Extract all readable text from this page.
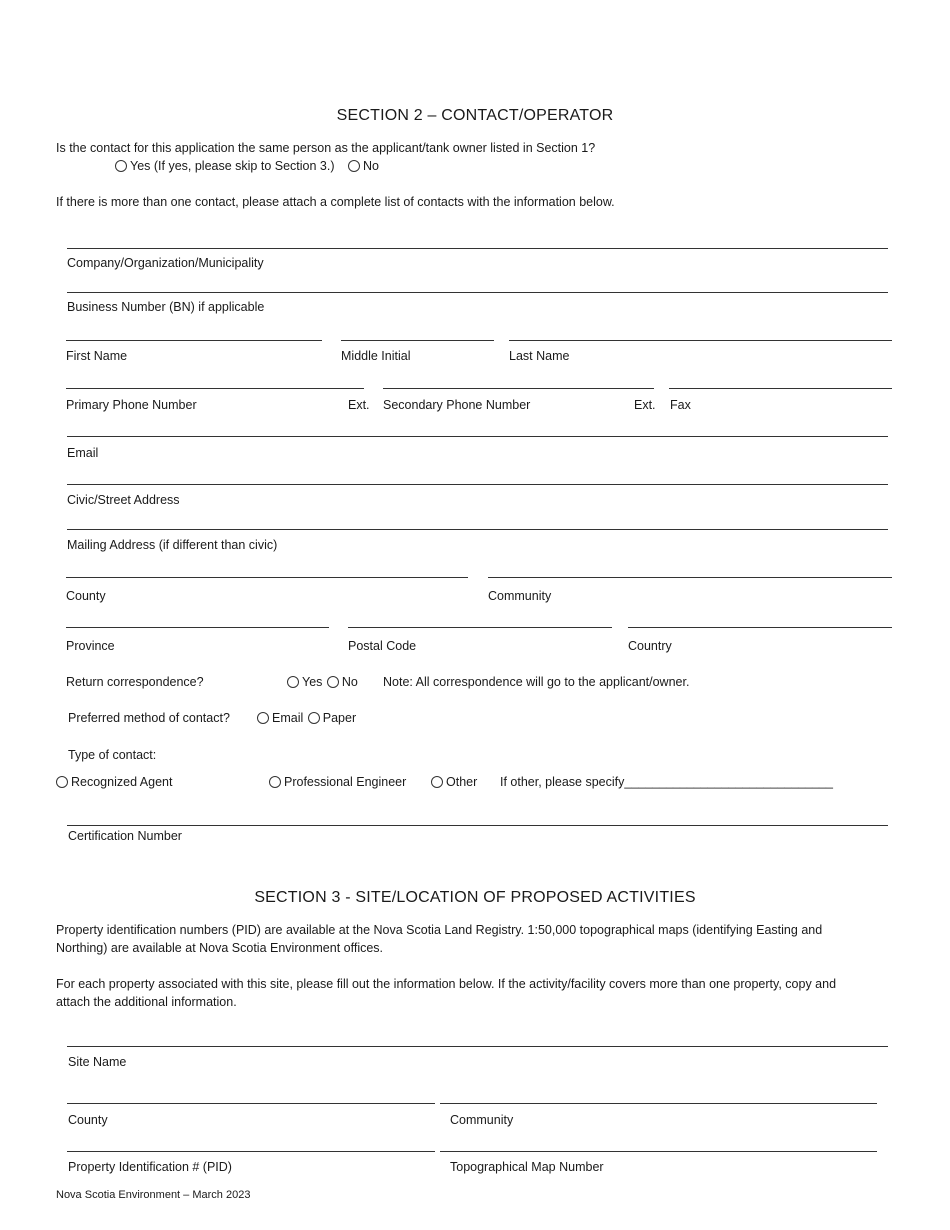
SECTION 2 – CONTACT/OPERATOR
Is the contact for this application the same person as the applicant/tank owner listed in Section 1?
Yes (If yes, please skip to Section 3.) No
If there is more than one contact, please attach a complete list of contacts with the information below.
Company/Organization/Municipality
Business Number (BN) if applicable
First Name	Middle Initial	Last Name
Primary Phone Number	Ext. Secondary Phone Number	Ext. Fax
Email
Civic/Street Address
Mailing Address (if different than civic)
County	Community
Province	Postal Code	Country
Return correspondence?	Yes No Note: All correspondence will go to the applicant/owner.
Preferred method of contact?	Email Paper
Type of contact:
Recognized Agent	Professional Engineer	Other If other, please specify______________________________
Certification Number
SECTION 3 - SITE/LOCATION OF PROPOSED ACTIVITIES
Property identification numbers (PID) are available at the Nova Scotia Land Registry. 1:50,000 topographical maps (identifying Easting and
Northing) are available at Nova Scotia Environment offices.
For each property associated with this site, please fill out the information below. If the activity/facility covers more than one property, copy and
attach the additional information.
Site Name
County	Community
Property Identification # (PID)	Topographical Map Number
Nova Scotia Environment – March 2023
